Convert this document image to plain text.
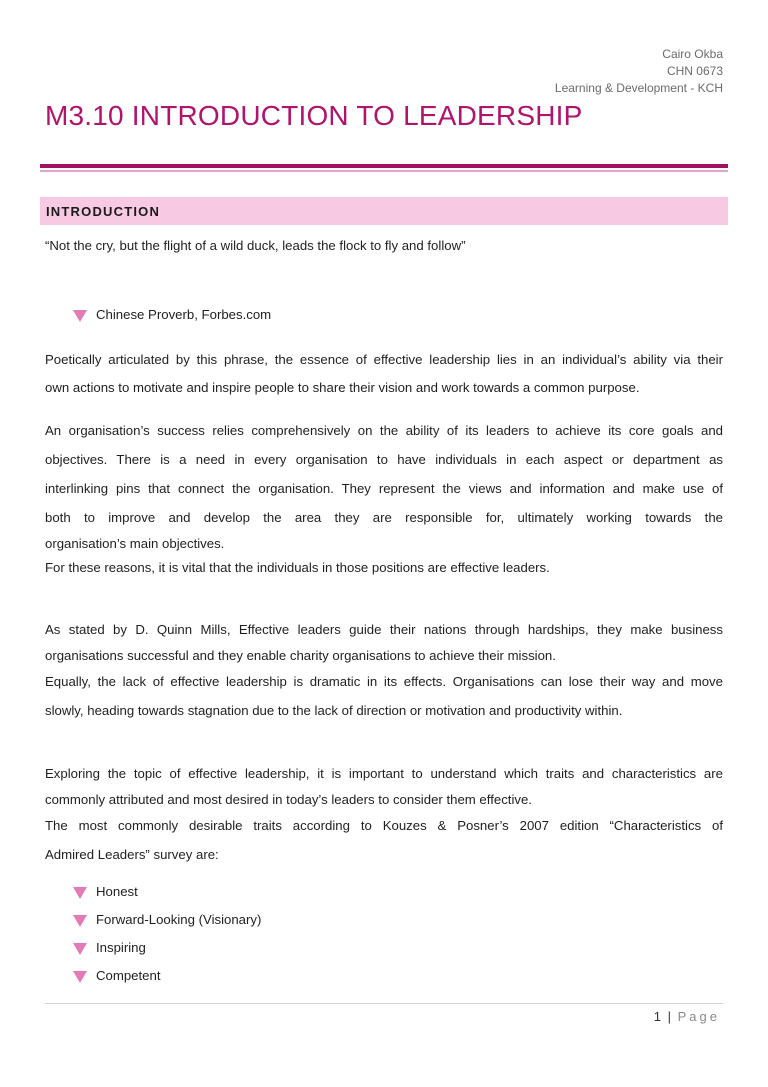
Cairo Okba
CHN 0673
Learning & Development - KCH
M3.10 INTRODUCTION TO LEADERSHIP
INTRODUCTION
“Not the cry, but the flight of a wild duck, leads the flock to fly and follow”
Chinese Proverb, Forbes.com
Poetically articulated by this phrase, the essence of effective leadership lies in an individual’s ability via their
own actions to motivate and inspire people to share their vision and work towards a common purpose.
An organisation’s success relies comprehensively on the ability of its leaders to achieve its core goals and
objectives. There is a need in every organisation to have individuals in each aspect or department as
interlinking pins that connect the organisation. They represent the views and information and make use of
both to improve and develop the area they are responsible for, ultimately working towards the
organisation’s main objectives.
For these reasons, it is vital that the individuals in those positions are effective leaders.
As stated by D. Quinn Mills, Effective leaders guide their nations through hardships, they make business
organisations successful and they enable charity organisations to achieve their mission.
Equally, the lack of effective leadership is dramatic in its effects. Organisations can lose their way and move
slowly, heading towards stagnation due to the lack of direction or motivation and productivity within.
Exploring the topic of effective leadership, it is important to understand which traits and characteristics are
commonly attributed and most desired in today’s leaders to consider them effective.
The most commonly desirable traits according to Kouzes & Posner’s 2007 edition “Characteristics of
Admired Leaders” survey are:
Honest
Forward-Looking (Visionary)
Inspiring
Competent
1 | Page
